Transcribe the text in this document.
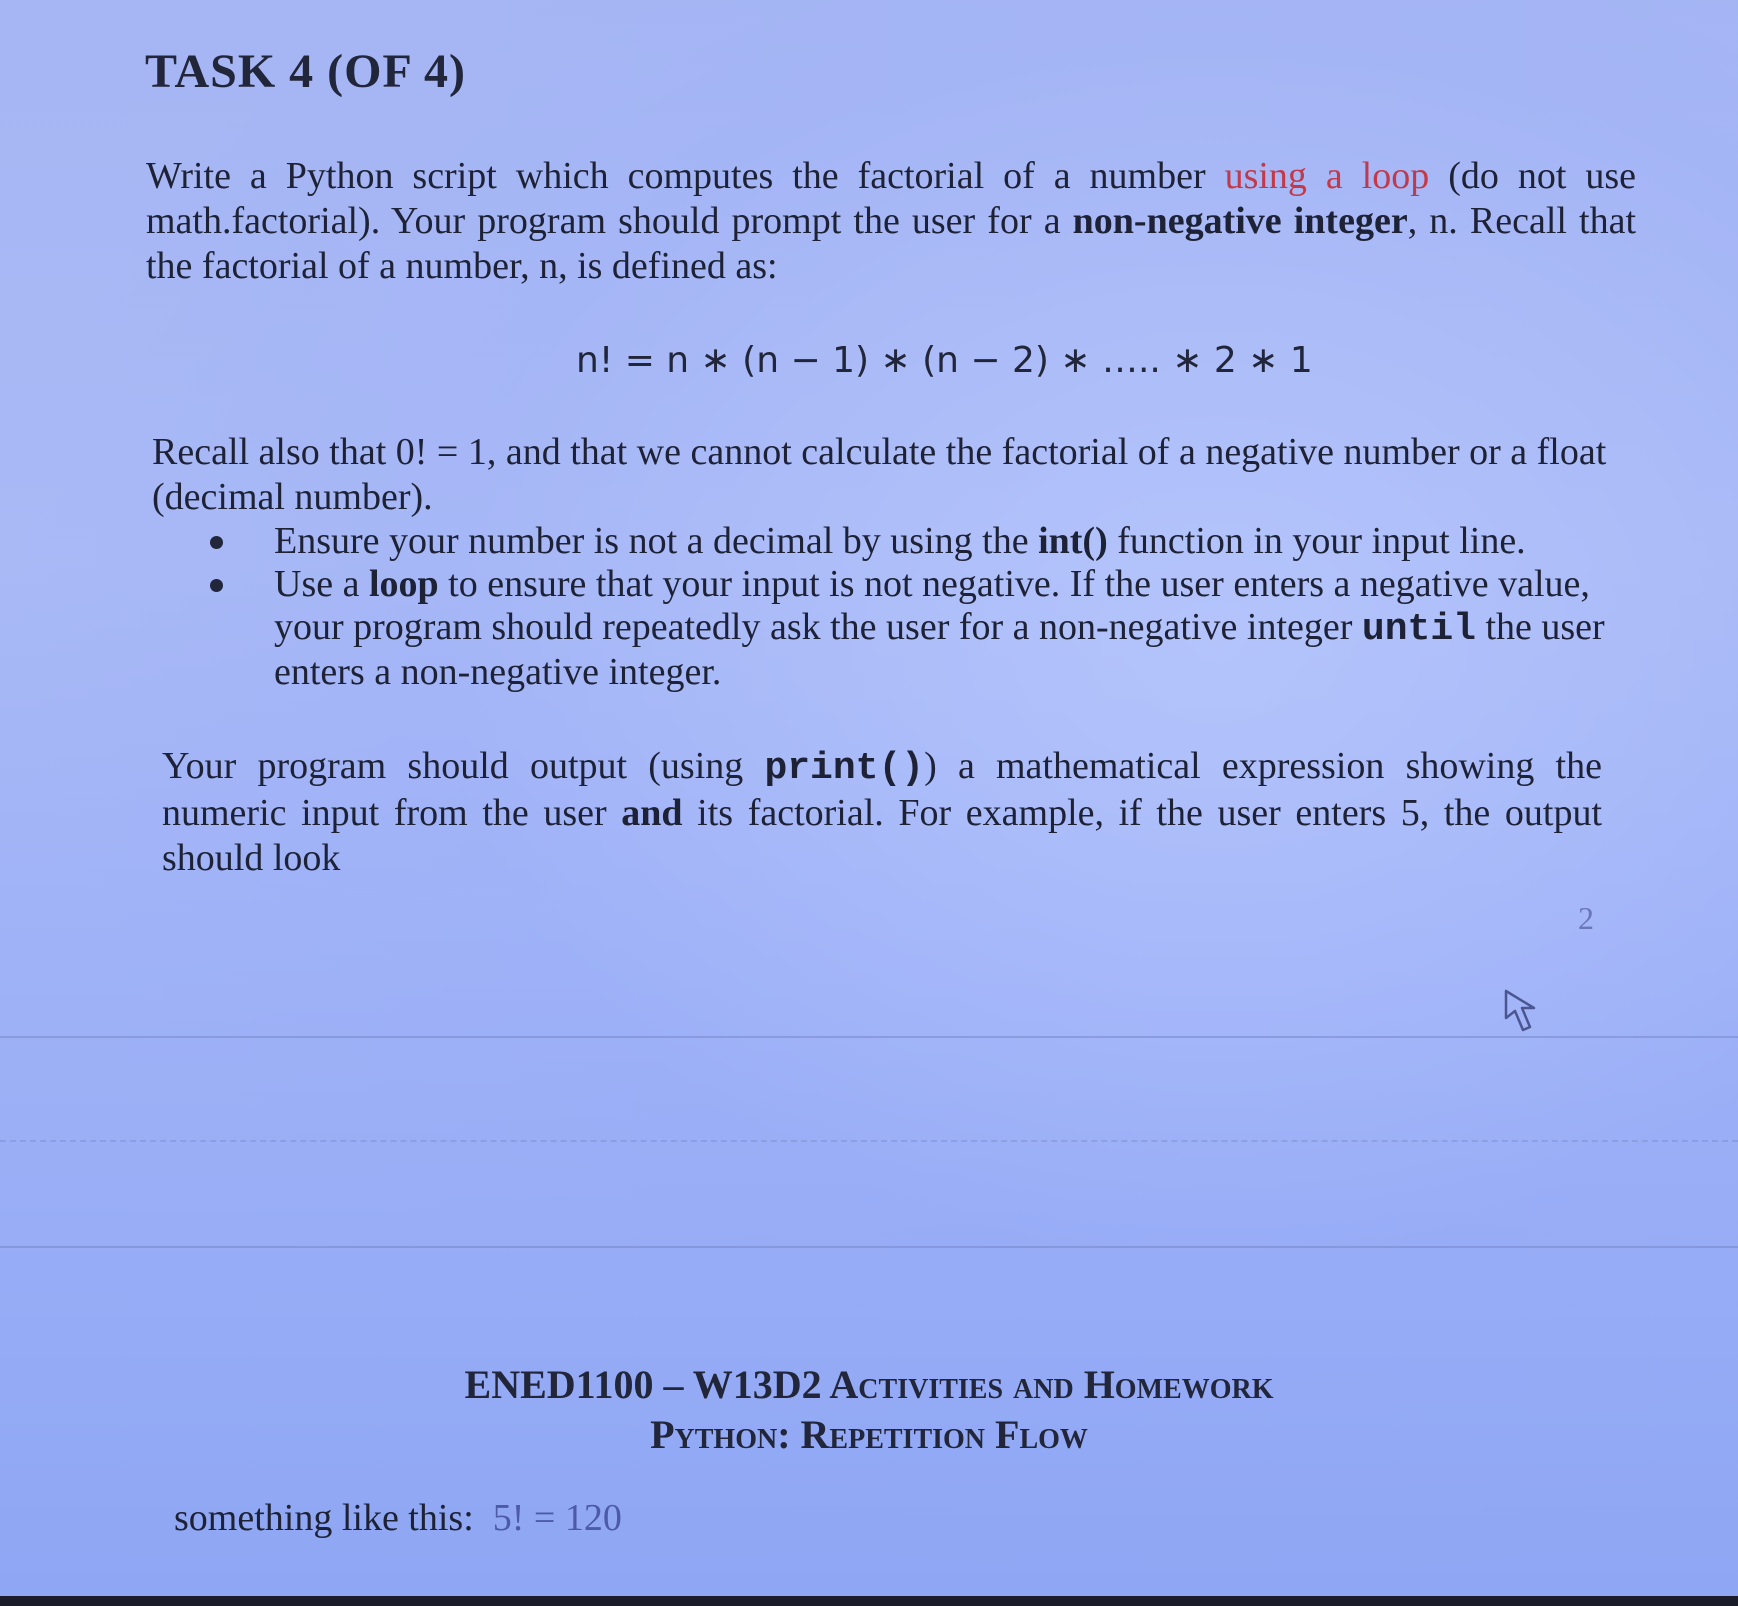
TASK 4 (OF 4)

Write a Python script which computes the factorial of a number using a loop (do not use math.factorial). Your program should prompt the user for a non-negative integer, n. Recall that the factorial of a number, n, is defined as:

n! = n ∗ (n − 1) ∗ (n − 2) ∗ ….. ∗ 2 ∗ 1

Recall also that 0! = 1, and that we cannot calculate the factorial of a negative number or a float (decimal number).

Ensure your number is not a decimal by using the int() function in your input line.
Use a loop to ensure that your input is not negative. If the user enters a negative value, your program should repeatedly ask the user for a non-negative integer until the user enters a non-negative integer.

Your program should output (using print()) a mathematical expression showing the numeric input from the user and its factorial. For example, if the user enters 5, the output should look

2
ENED1100 – W13D2 Activities and Homework
Python: Repetition Flow

something like this:  5! = 120
